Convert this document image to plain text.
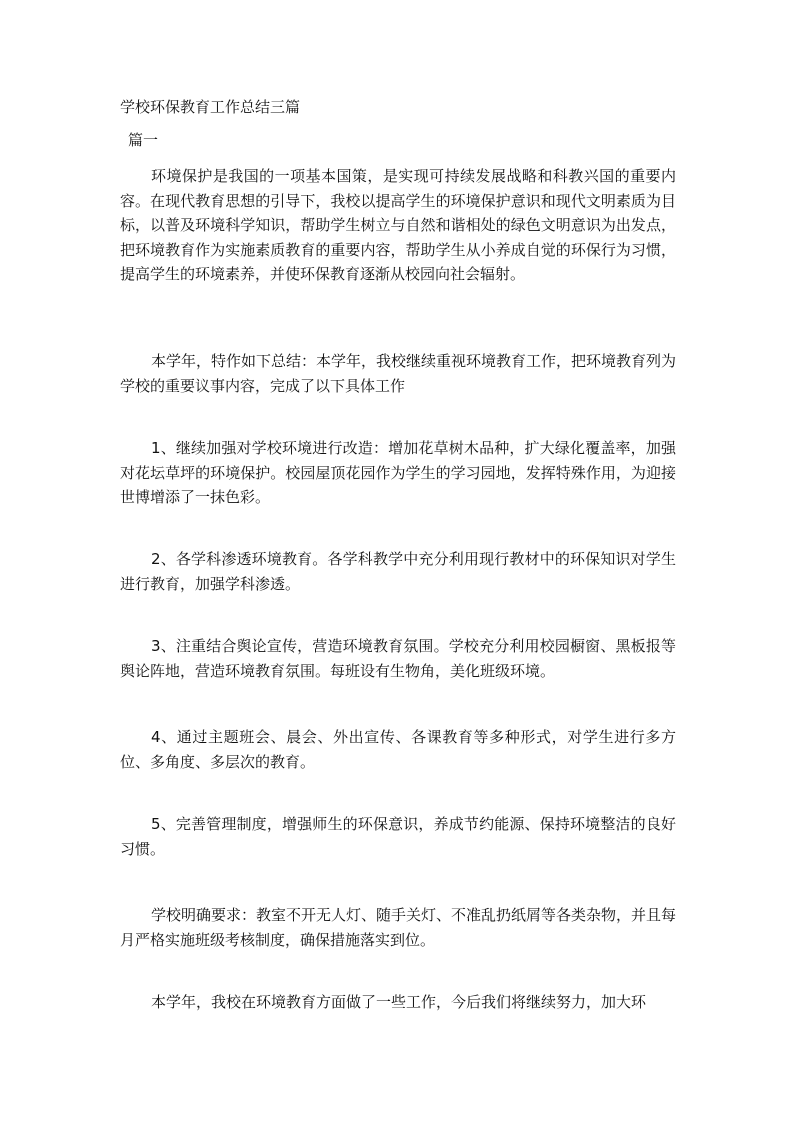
学校环保教育工作总结三篇
篇一

环境保护是我国的一项基本国策，是实现可持续发展战略和科教兴国的重要内容。在现代教育思想的引导下，我校以提高学生的环境保护意识和现代文明素质为目标，以普及环境科学知识，帮助学生树立与自然和谐相处的绿色文明意识为出发点，把环境教育作为实施素质教育的重要内容，帮助学生从小养成自觉的环保行为习惯，提高学生的环境素养，并使环保教育逐渐从校园向社会辐射。

本学年，特作如下总结：本学年，我校继续重视环境教育工作，把环境教育列为学校的重要议事内容，完成了以下具体工作

1、继续加强对学校环境进行改造：增加花草树木品种，扩大绿化覆盖率，加强对花坛草坪的环境保护。校园屋顶花园作为学生的学习园地，发挥特殊作用，为迎接世博增添了一抹色彩。

2、各学科渗透环境教育。各学科教学中充分利用现行教材中的环保知识对学生进行教育，加强学科渗透。

3、注重结合舆论宣传，营造环境教育氛围。学校充分利用校园橱窗、黑板报等舆论阵地，营造环境教育氛围。每班设有生物角，美化班级环境。

4、通过主题班会、晨会、外出宣传、各课教育等多种形式，对学生进行多方位、多角度、多层次的教育。

5、完善管理制度，增强师生的环保意识，养成节约能源、保持环境整洁的良好习惯。

学校明确要求：教室不开无人灯、随手关灯、不准乱扔纸屑等各类杂物，并且每月严格实施班级考核制度，确保措施落实到位。

本学年，我校在环境教育方面做了一些工作，今后我们将继续努力，加大环
